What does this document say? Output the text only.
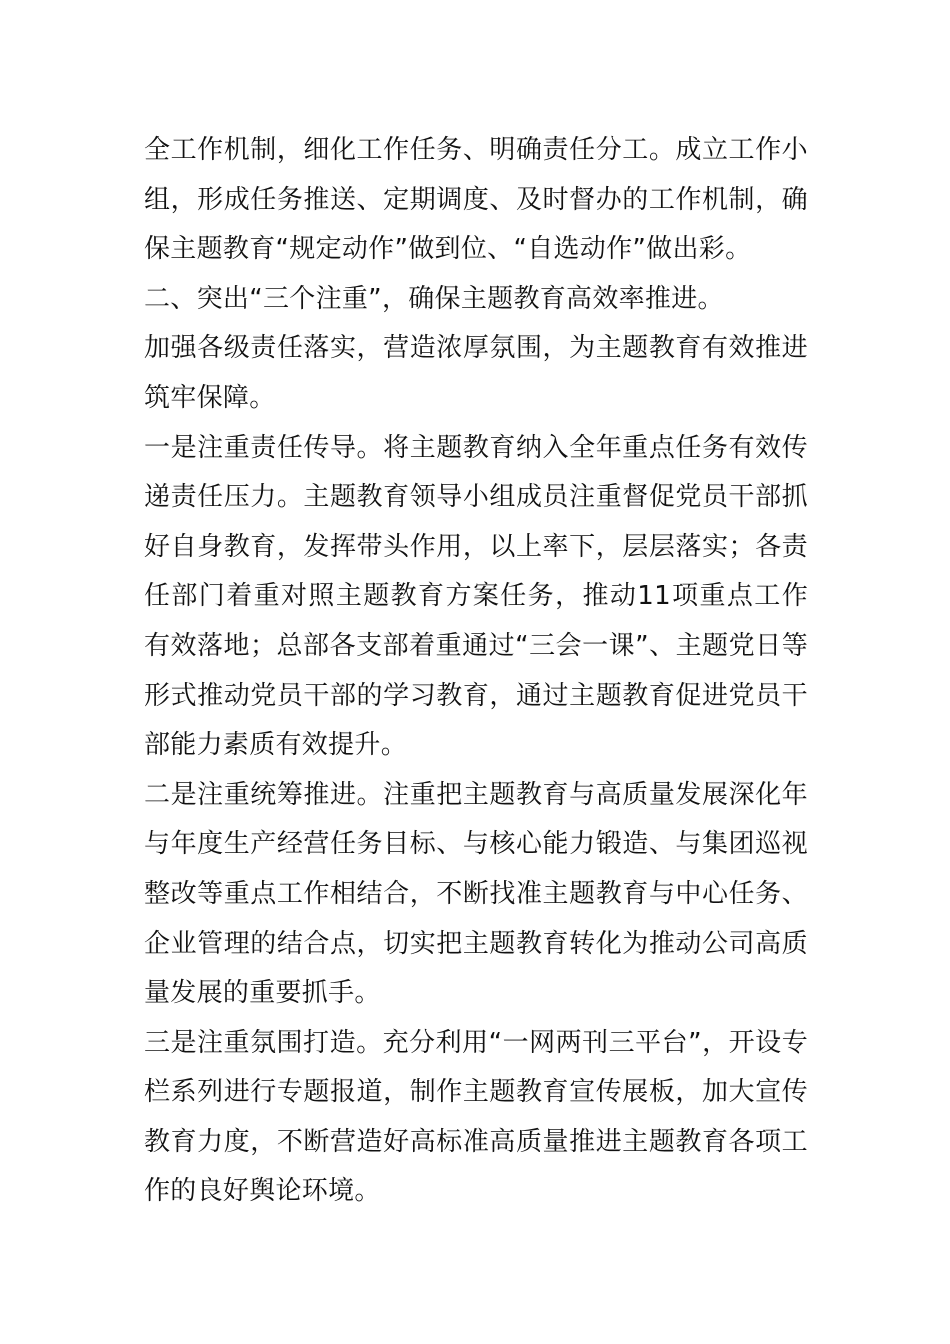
全工作机制，细化工作任务、明确责任分工。成立工作小组，形成任务推送、定期调度、及时督办的工作机制，确保主题教育“规定动作”做到位、“自选动作”做出彩。

二、突出“三个注重”，确保主题教育高效率推进。

加强各级责任落实，营造浓厚氛围，为主题教育有效推进筑牢保障。

一是注重责任传导。将主题教育纳入全年重点任务有效传递责任压力。主题教育领导小组成员注重督促党员干部抓好自身教育，发挥带头作用，以上率下，层层落实；各责任部门着重对照主题教育方案任务，推动11项重点工作有效落地；总部各支部着重通过“三会一课”、主题党日等形式推动党员干部的学习教育，通过主题教育促进党员干部能力素质有效提升。

二是注重统筹推进。注重把主题教育与高质量发展深化年与年度生产经营任务目标、与核心能力锻造、与集团巡视整改等重点工作相结合，不断找准主题教育与中心任务、企业管理的结合点，切实把主题教育转化为推动公司高质量发展的重要抓手。

三是注重氛围打造。充分利用“一网两刊三平台”，开设专栏系列进行专题报道，制作主题教育宣传展板，加大宣传教育力度，不断营造好高标准高质量推进主题教育各项工作的良好舆论环境。
